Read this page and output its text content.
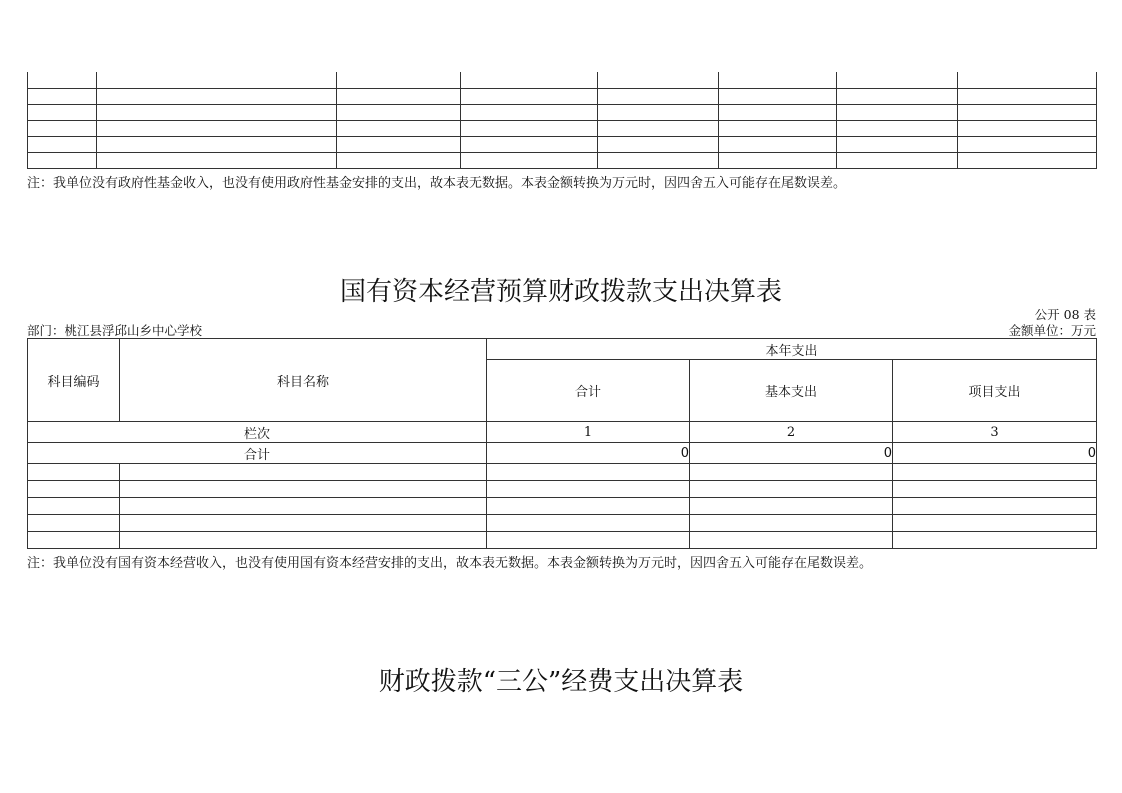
注：我单位没有政府性基金收入，也没有使用政府性基金安排的支出，故本表无数据。本表金额转换为万元时，因四舍五入可能存在尾数误差。
国有资本经营预算财政拨款支出决算表
公开 08 表
部门：桃江县浮邱山乡中心学校	金额单位：万元
科目编码	科目名称	本年支出		
		合计	基本支出	项目支出
栏次		1	2	3
合计		0	0	0

注：我单位没有国有资本经营收入，也没有使用国有资本经营安排的支出，故本表无数据。本表金额转换为万元时，因四舍五入可能存在尾数误差。
财政拨款“三公”经费支出决算表
